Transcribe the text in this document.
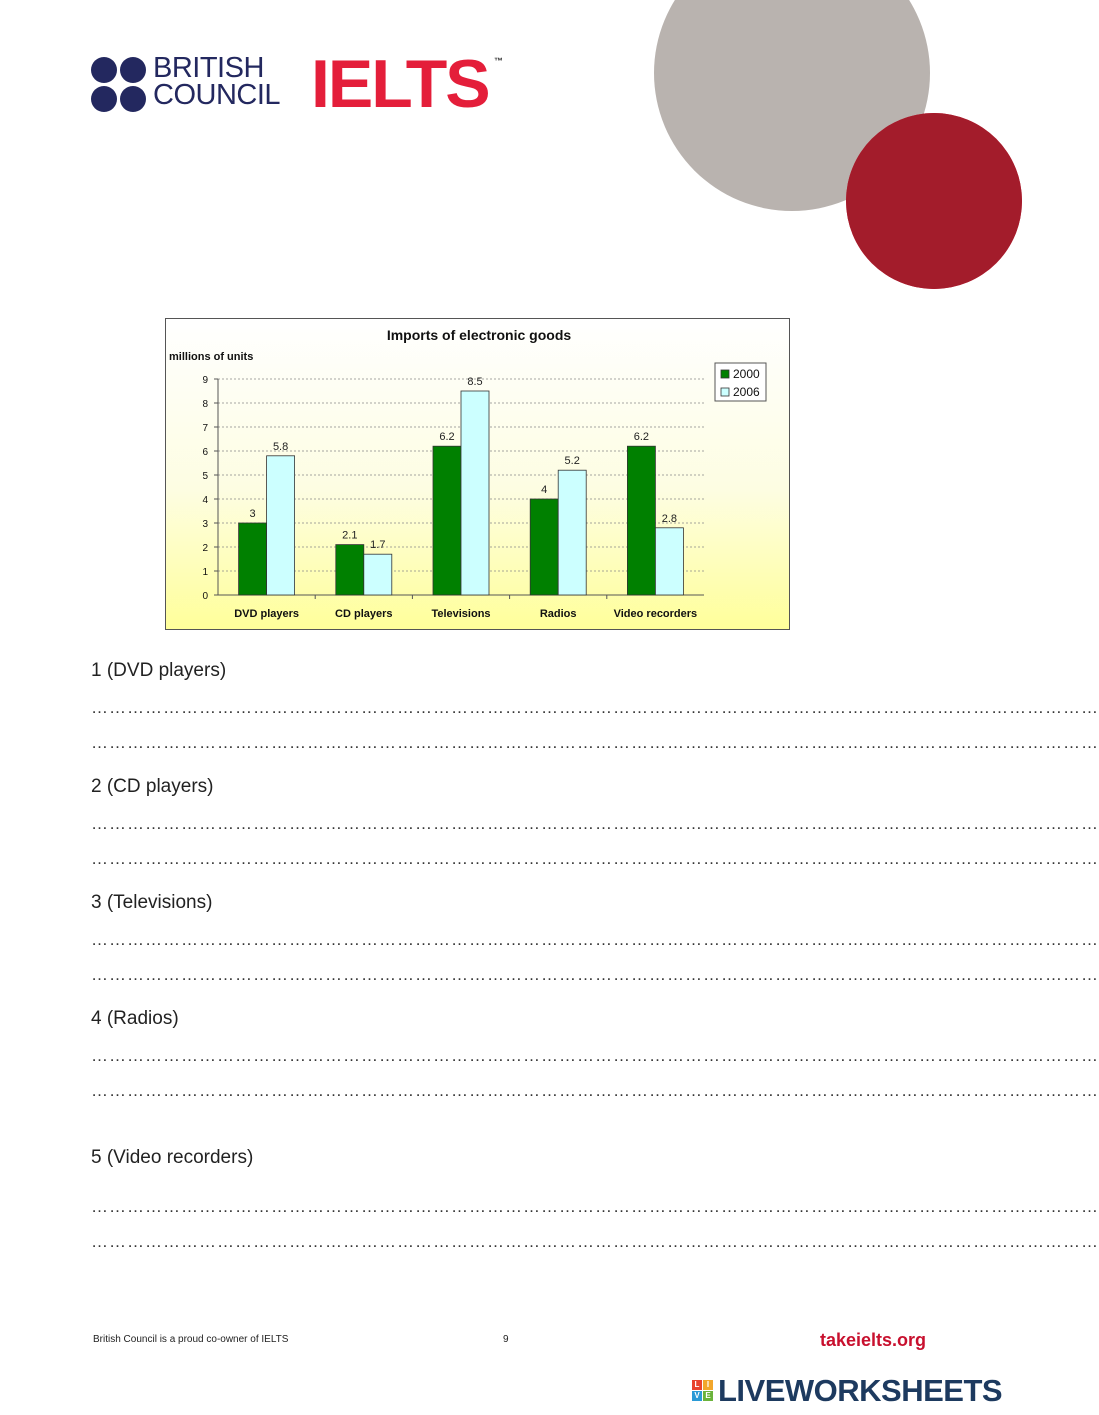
BRITISH
COUNCIL IELTS ™
Imports of electronic goods
millions of units
0
1
2
3
4
5
6
7
8
9
3
5.8
DVD players
2.1
1.7
CD players
6.2
8.5
Televisions
4
5.2
Radios
6.2
2.8
Video recorders
2000
2006
1 (DVD players)
……………………………………………………………………………………………………………………………………………………
……………………………………………………………………………………………………………………………………………………
2 (CD players)
……………………………………………………………………………………………………………………………………………………
……………………………………………………………………………………………………………………………………………………
3 (Televisions)
……………………………………………………………………………………………………………………………………………………
……………………………………………………………………………………………………………………………………………………
4 (Radios)
……………………………………………………………………………………………………………………………………………………
……………………………………………………………………………………………………………………………………………………
5 (Video recorders)
……………………………………………………………………………………………………………………………………………………
……………………………………………………………………………………………………………………………………………………
British Council is a proud co-owner of IELTS	9	takeielts.org
L I
V E LIVEWORKSHEETS
